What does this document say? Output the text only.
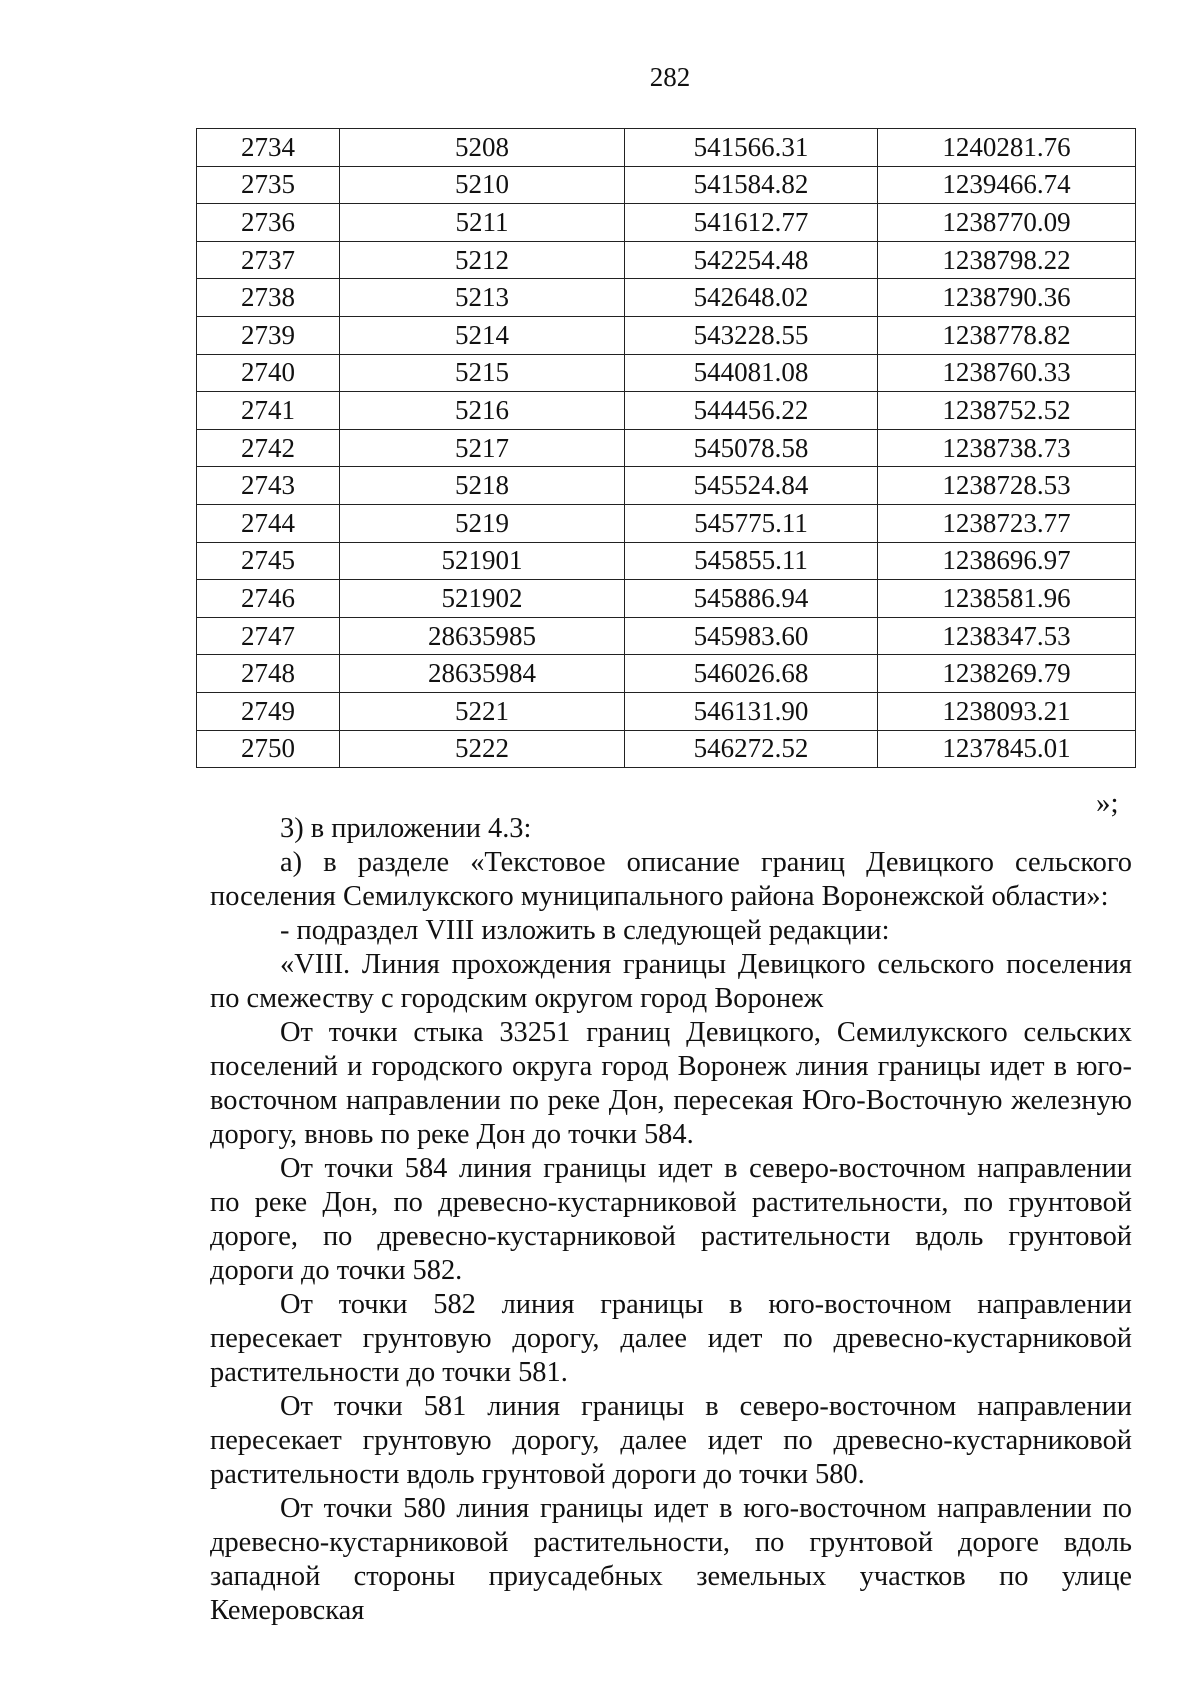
282
2734	5208	541566.31	1240281.76
2735	5210	541584.82	1239466.74
2736	5211	541612.77	1238770.09
2737	5212	542254.48	1238798.22
2738	5213	542648.02	1238790.36
2739	5214	543228.55	1238778.82
2740	5215	544081.08	1238760.33
2741	5216	544456.22	1238752.52
2742	5217	545078.58	1238738.73
2743	5218	545524.84	1238728.53
2744	5219	545775.11	1238723.77
2745	521901	545855.11	1238696.97
2746	521902	545886.94	1238581.96
2747	28635985	545983.60	1238347.53
2748	28635984	546026.68	1238269.79
2749	5221	546131.90	1238093.21
2750	5222	546272.52	1237845.01
»;

3) в приложении 4.3:

а) в разделе «Текстовое описание границ Девицкого сельского поселения Семилукского муниципального района Воронежской области»:

- подраздел VIII изложить в следующей редакции:

«VIII. Линия прохождения границы Девицкого сельского поселения по смежеству с городским округом город Воронеж

От точки стыка 33251 границ Девицкого, Семилукского сельских поселений и городского округа город Воронеж линия границы идет в юго-восточном направлении по реке Дон, пересекая Юго-Восточную железную дорогу, вновь по реке Дон до точки 584.

От точки 584 линия границы идет в северо-восточном направлении по реке Дон, по древесно-кустарниковой растительности, по грунтовой дороге, по древесно-кустарниковой растительности вдоль грунтовой дороги до точки 582.

От точки 582 линия границы в юго-восточном направлении пересекает грунтовую дорогу, далее идет по древесно-кустарниковой растительности до точки 581.

От точки 581 линия границы в северо-восточном направлении пересекает грунтовую дорогу, далее идет по древесно-кустарниковой растительности вдоль грунтовой дороги до точки 580.

От точки 580 линия границы идет в юго-восточном направлении по древесно-кустарниковой растительности, по грунтовой дороге вдоль западной стороны приусадебных земельных участков по улице Кемеровская
